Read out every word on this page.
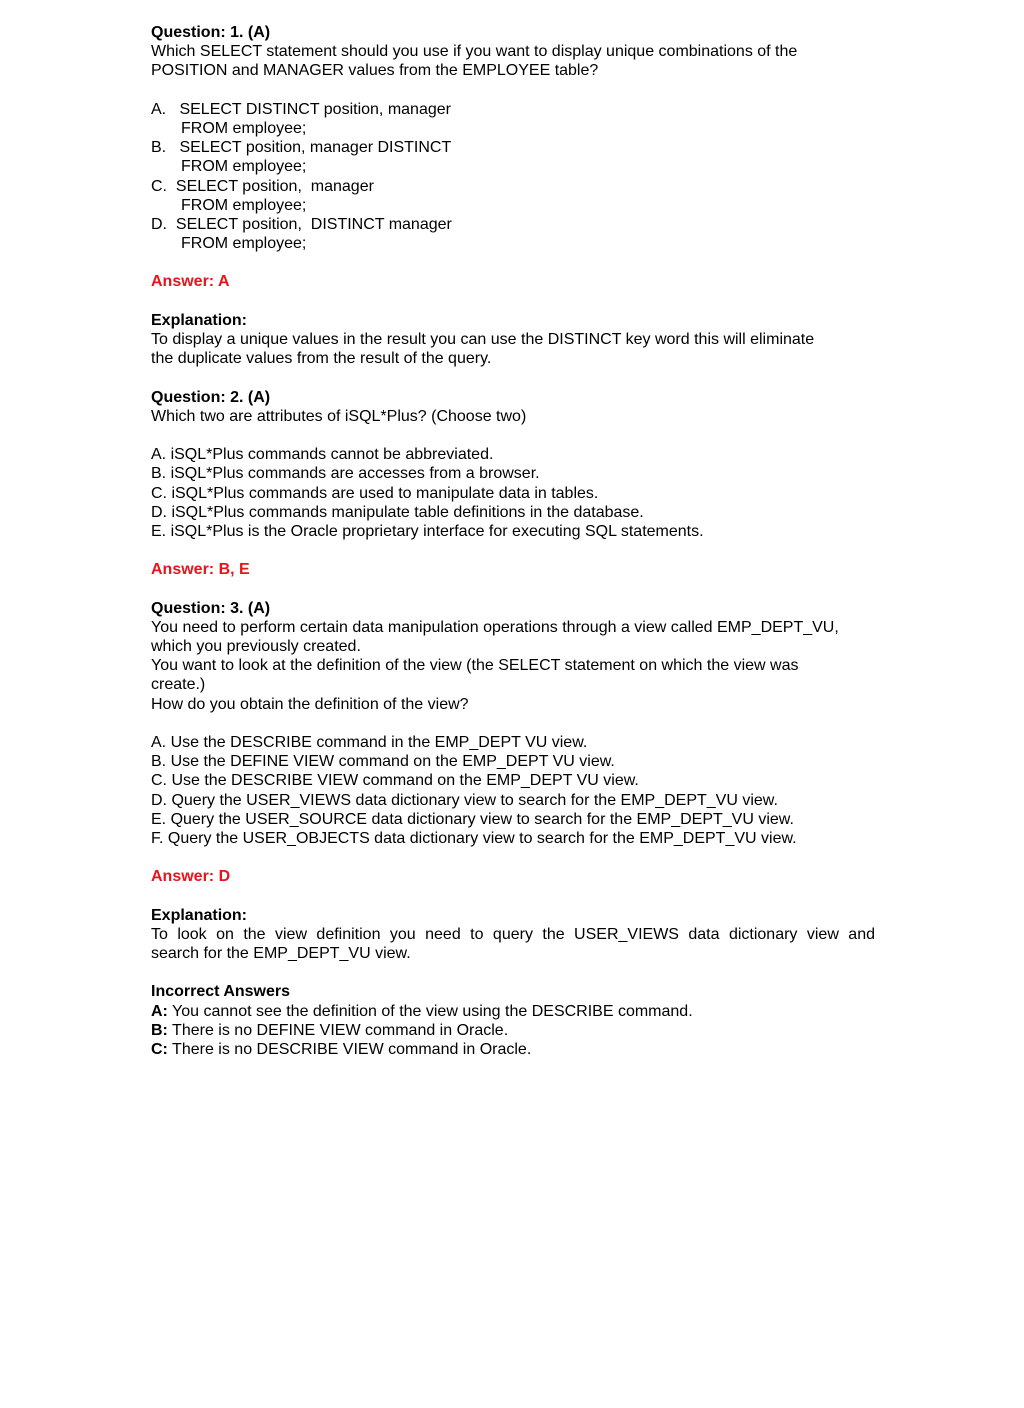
Question: 1. (A)
Which SELECT statement should you use if you want to display unique combinations of the
POSITION and MANAGER values from the EMPLOYEE table?
A.   SELECT DISTINCT position, manager
FROM employee;
B.   SELECT position, manager DISTINCT
FROM employee;
C.  SELECT position,  manager
FROM employee;
D.  SELECT position,  DISTINCT manager
FROM employee;
Answer: A
Explanation:
To display a unique values in the result you can use the DISTINCT key word this will eliminate
the duplicate values from the result of the query.
Question: 2. (A)
Which two are attributes of iSQL*Plus? (Choose two)
A. iSQL*Plus commands cannot be abbreviated.
B. iSQL*Plus commands are accesses from a browser.
C. iSQL*Plus commands are used to manipulate data in tables.
D. iSQL*Plus commands manipulate table definitions in the database.
E. iSQL*Plus is the Oracle proprietary interface for executing SQL statements.
Answer: B, E
Question: 3. (A)
You need to perform certain data manipulation operations through a view called EMP_DEPT_VU,
which you previously created.
You want to look at the definition of the view (the SELECT statement on which the view was
create.)
How do you obtain the definition of the view?
A. Use the DESCRIBE command in the EMP_DEPT VU view.
B. Use the DEFINE VIEW command on the EMP_DEPT VU view.
C. Use the DESCRIBE VIEW command on the EMP_DEPT VU view.
D. Query the USER_VIEWS data dictionary view to search for the EMP_DEPT_VU view.
E. Query the USER_SOURCE data dictionary view to search for the EMP_DEPT_VU view.
F. Query the USER_OBJECTS data dictionary view to search for the EMP_DEPT_VU view.
Answer: D
Explanation:
To look on the view definition you need to query the USER_VIEWS data dictionary view and
search for the EMP_DEPT_VU view.
Incorrect Answers
A: You cannot see the definition of the view using the DESCRIBE command.
B: There is no DEFINE VIEW command in Oracle.
C: There is no DESCRIBE VIEW command in Oracle.
